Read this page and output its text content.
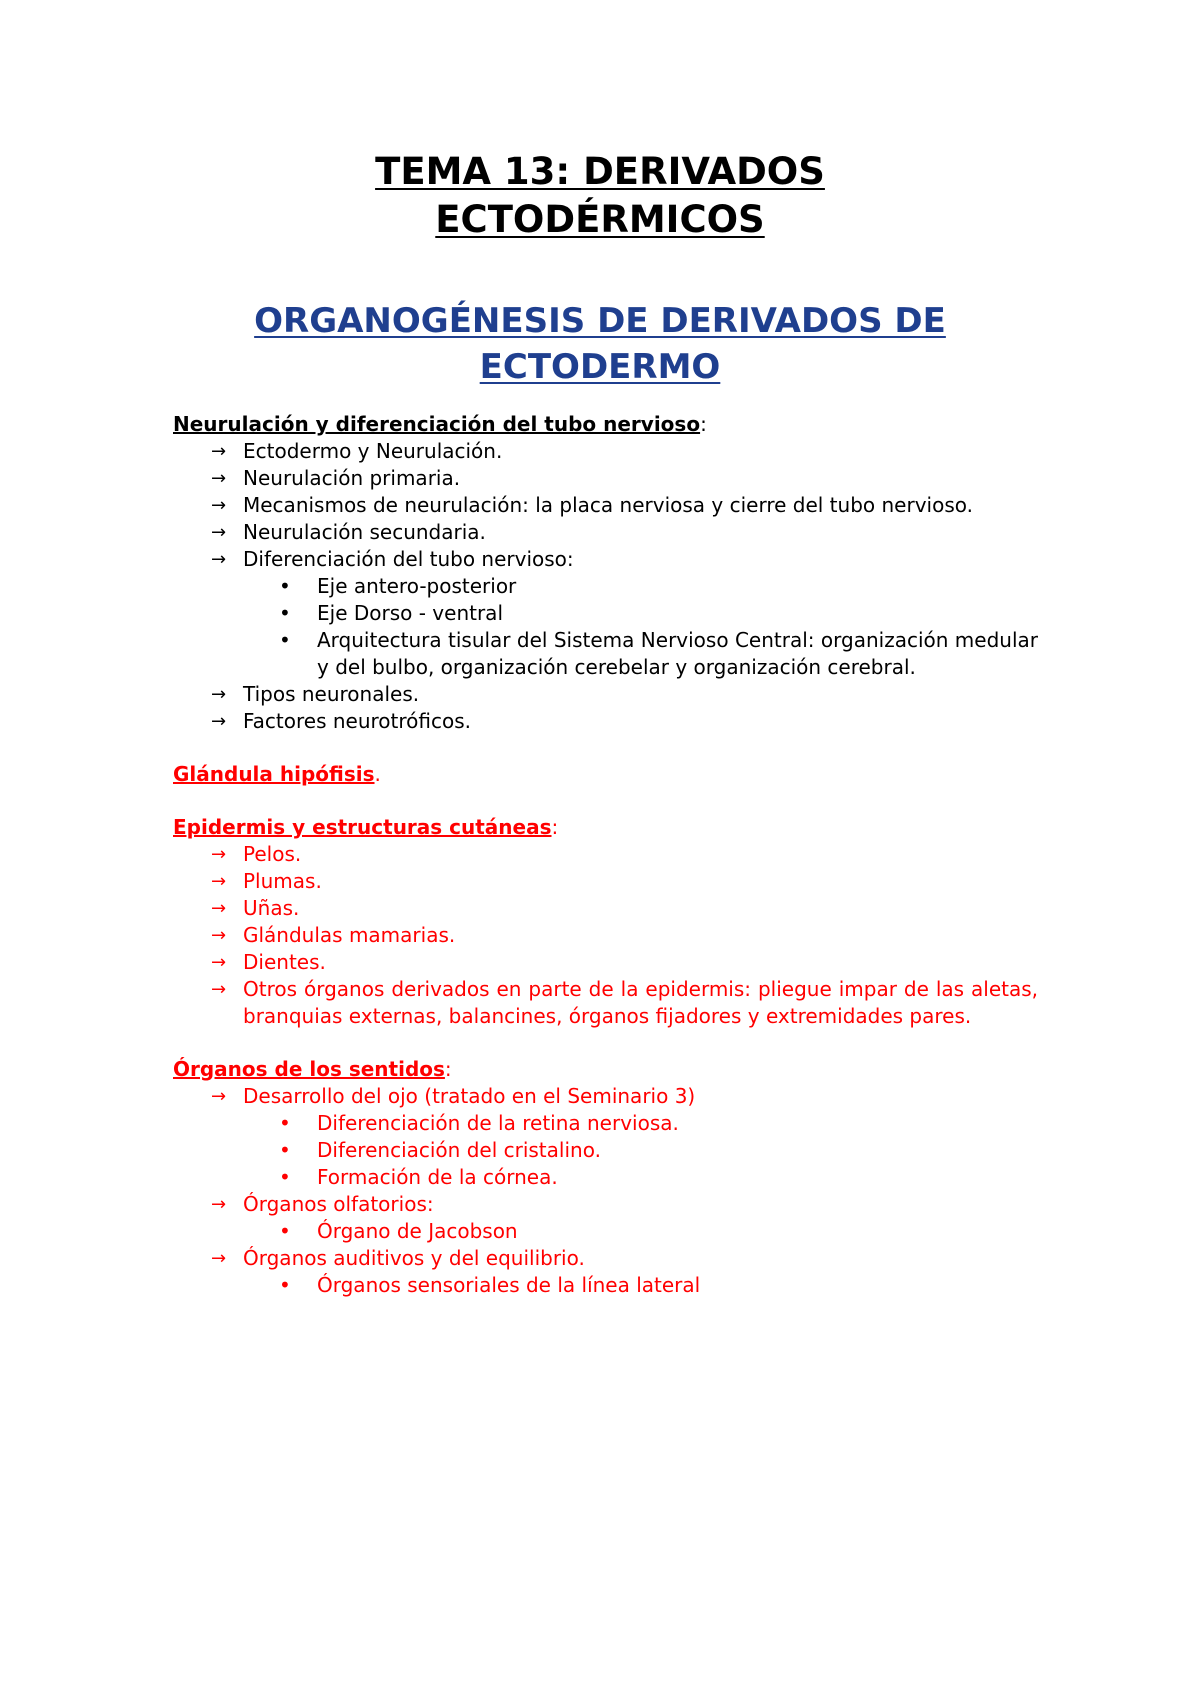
TEMA 13: DERIVADOS
ECTODÉRMICOS
ORGANOGÉNESIS DE DERIVADOS DE
ECTODERMO

Neurulación y diferenciación del tubo nervioso:

→ Ectodermo y Neurulación.
→ Neurulación primaria.
→ Mecanismos de neurulación: la placa nerviosa y cierre del tubo nervioso.
→ Neurulación secundaria.
→ Diferenciación del tubo nervioso:
• Eje antero-posterior
• Eje Dorso - ventral
• Arquitectura tisular del Sistema Nervioso Central: organización medular y del bulbo, organización cerebelar y organización cerebral.
→ Tipos neuronales.
→ Factores neurotróficos.

Glándula hipófisis.

Epidermis y estructuras cutáneas:

→ Pelos.
→ Plumas.
→ Uñas.
→ Glándulas mamarias.
→ Dientes.
→ Otros órganos derivados en parte de la epidermis: pliegue impar de las aletas, branquias externas, balancines, órganos fijadores y extremidades pares.

Órganos de los sentidos:

→ Desarrollo del ojo (tratado en el Seminario 3)
• Diferenciación de la retina nerviosa.
• Diferenciación del cristalino.
• Formación de la córnea.
→ Órganos olfatorios:
• Órgano de Jacobson
→ Órganos auditivos y del equilibrio.
• Órganos sensoriales de la línea lateral
